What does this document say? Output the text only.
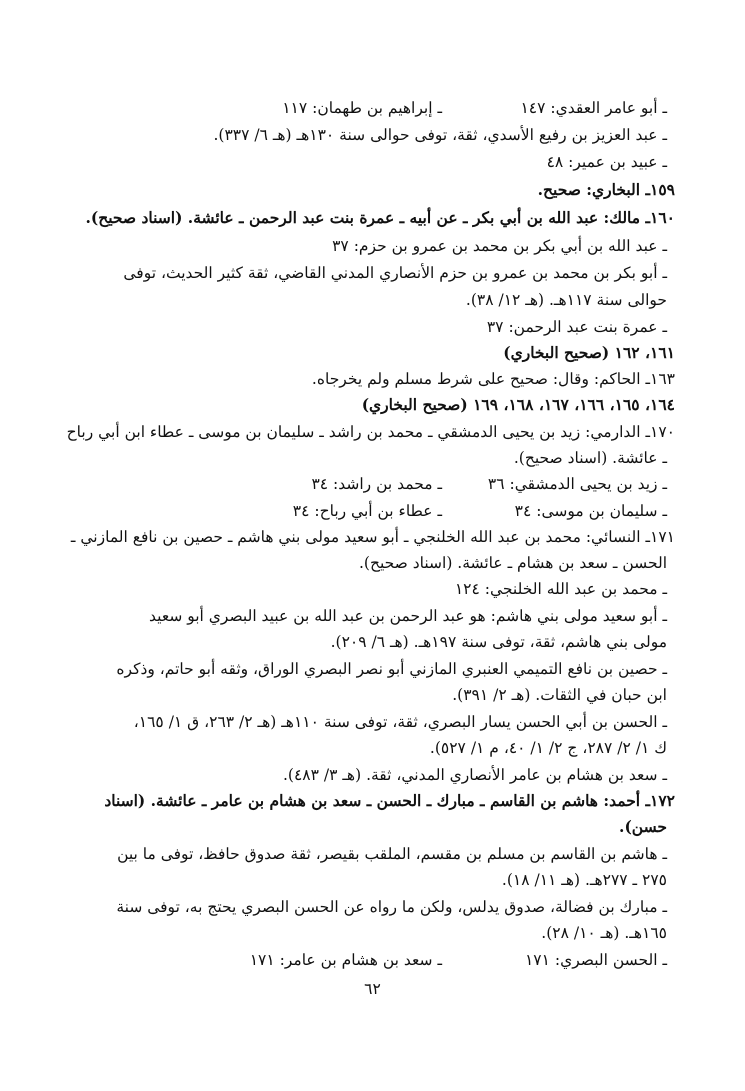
ـ أبو عامر العقدي: ١٤٧
ـ إبراهيم بن طهمان: ١١٧
ـ عبد العزيز بن رفيع الأسدي، ثقة، توفى حوالى سنة ١٣٠هـ (هـ ٦/ ٣٣٧).
ـ عبيد بن عمير: ٤٨
١٥٩ـ البخاري: صحيح.
١٦٠ـ مالك: عبد الله بن أبي بكر ـ عن أبيه ـ عمرة بنت عبد الرحمن ـ عائشة. (اسناد صحيح).
ـ عبد الله بن أبي بكر بن محمد بن عمرو بن حزم: ٣٧
ـ أبو بكر بن محمد بن عمرو بن حزم الأنصاري المدني القاضي، ثقة كثير الحديث، توفى
حوالى سنة ١١٧هـ. (هـ ١٢/ ٣٨).
ـ عمرة بنت عبد الرحمن: ٣٧
١٦١، ١٦٢ (صحيح البخاري)
١٦٣ـ الحاكم: وقال: صحيح على شرط مسلم ولم يخرجاه.
١٦٤، ١٦٥، ١٦٦، ١٦٧، ١٦٨، ١٦٩ (صحيح البخاري)
١٧٠ـ الدارمي: زيد بن يحيى الدمشقي ـ محمد بن راشد ـ سليمان بن موسى ـ عطاء ابن أبي رباح
ـ عائشة. (اسناد صحيح).
ـ زيد بن يحيى الدمشقي: ٣٦
ـ محمد بن راشد: ٣٤
ـ سليمان بن موسى: ٣٤
ـ عطاء بن أبي رباح: ٣٤
١٧١ـ النسائي: محمد بن عبد الله الخلنجي ـ أبو سعيد مولى بني هاشم ـ حصين بن نافع المازني ـ
الحسن ـ سعد بن هشام ـ عائشة. (اسناد صحيح).
ـ محمد بن عبد الله الخلنجي: ١٢٤
ـ أبو سعيد مولى بني هاشم: هو عبد الرحمن بن عبد الله بن عبيد البصري أبو سعيد
مولى بني هاشم، ثقة، توفى سنة ١٩٧هـ. (هـ ٦/ ٢٠٩).
ـ حصين بن نافع التميمي العنبري المازني أبو نصر البصري الوراق، وثقه أبو حاتم، وذكره
ابن حبان في الثقات. (هـ ٢/ ٣٩١).
ـ الحسن بن أبي الحسن يسار البصري، ثقة، توفى سنة ١١٠هـ (هـ ٢/ ٢٦٣، ق ١/ ١٦٥،
ك ١/ ٢/ ٢٨٧، ج ٢/ ١/ ٤٠، م ١/ ٥٢٧).
ـ سعد بن هشام بن عامر الأنصاري المدني، ثقة. (هـ ٣/ ٤٨٣).
١٧٢ـ أحمد: هاشم بن القاسم ـ مبارك ـ الحسن ـ سعد بن هشام بن عامر ـ عائشة. (اسناد
حسن).
ـ هاشم بن القاسم بن مسلم بن مقسم، الملقب بقيصر، ثقة صدوق حافظ، توفى ما بين
٢٧٥ ـ ٢٧٧هـ. (هـ ١١/ ١٨).
ـ مبارك بن فضالة، صدوق يدلس، ولكن ما رواه عن الحسن البصري يحتج به، توفى سنة
١٦٥هـ. (هـ ١٠/ ٢٨).
ـ الحسن البصري: ١٧١
ـ سعد بن هشام بن عامر: ١٧١
٦٢
